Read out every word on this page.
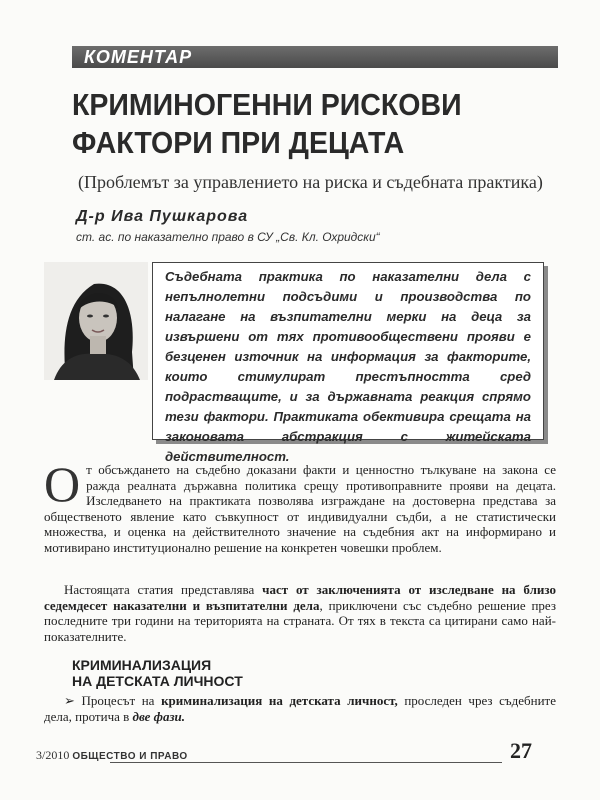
КОМЕНТАР
КРИМИНОГЕННИ РИСКОВИ
ФАКТОРИ ПРИ ДЕЦАТА
(Проблемът за управлението на риска и съдебната практика)
Д-р Ива Пушкарова
ст. ас. по наказателно право в СУ „Св. Кл. Охридски“

Съдебната практика по наказателни дела с непълнолетни подсъдими и производства по налагане на възпитателни мерки на деца за извършени от тях противообществени прояви е безценен източник на информация за факторите, които стимулират престъпността сред подрастващите, и за държавната реакция спрямо тези фактори. Практиката обективира срещата на законовата абстракция с житейската действителност.

От обсъждането на съдебно доказани факти и ценностно тълкуване на закона се ражда реалната държавна политика срещу противоправните прояви на децата. Изследването на практиката позволява изграждане на достоверна представа за общественото явление като съвкупност от индивидуални съдби, а не статистически множества, и оценка на действителното значение на съдебния акт на информирано и мотивирано институционално решение на конкретен човешки проблем.
Настоящата статия представлява част от заключенията от изследване на близо седемдесет наказателни и възпитателни дела, приключени със съдебно решение през последните три години на територията на страната. От тях в текста са цитирани само най-показателните.
КРИМИНАЛИЗАЦИЯ
НА ДЕТСКАТА ЛИЧНОСТ
➢ Процесът на криминализация на детската личност, проследен чрез съдебните дела, протича в две фази.
3/2010 ОБЩЕСТВО И ПРАВО	27
